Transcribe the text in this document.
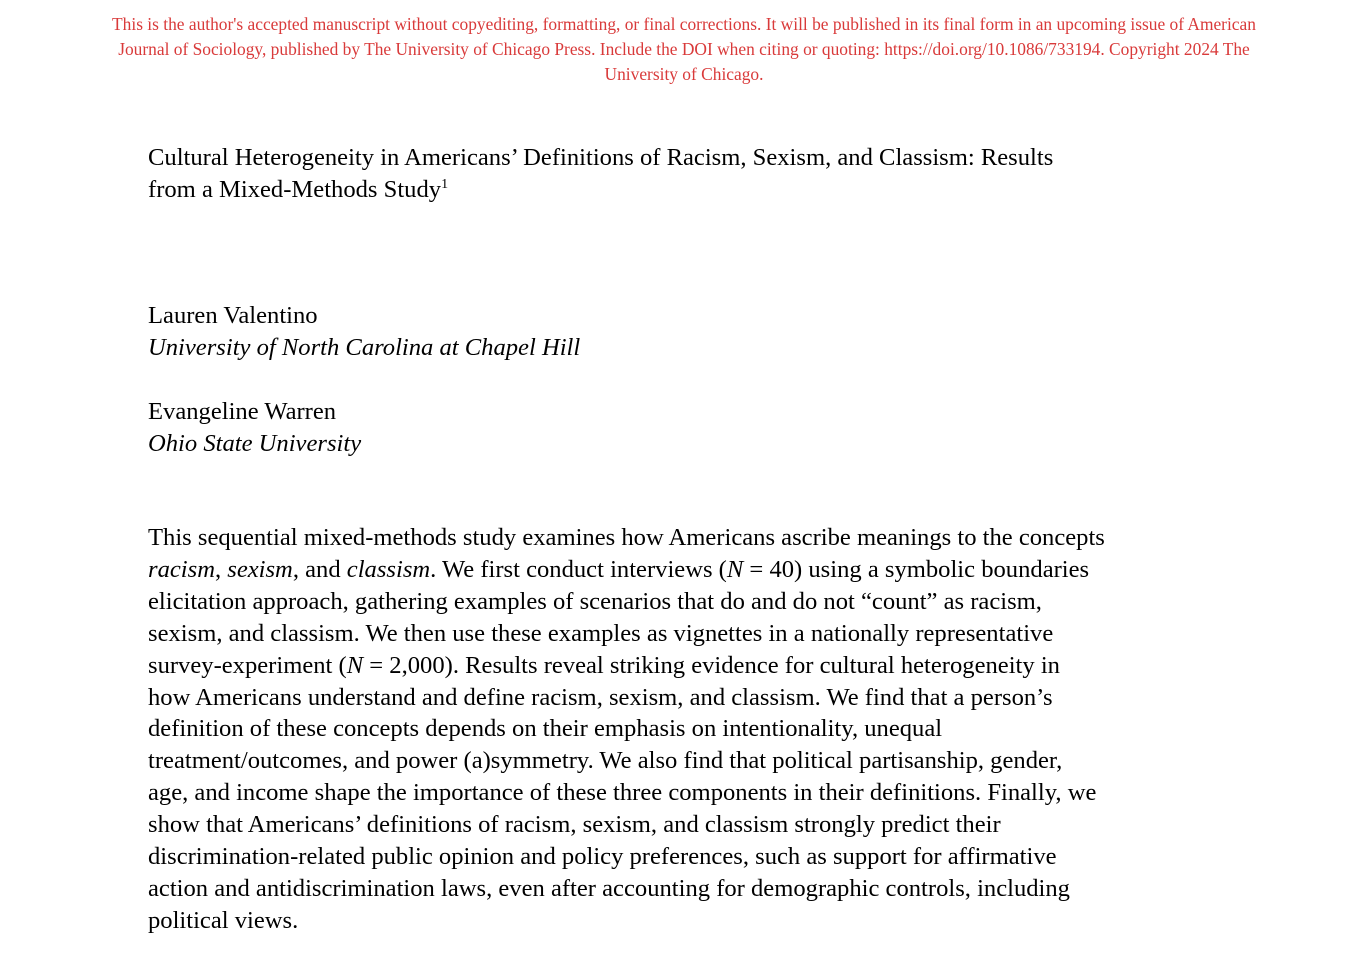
This is the author's accepted manuscript without copyediting, formatting, or final corrections. It will be published in its final form in an upcoming issue of American
Journal of Sociology, published by The University of Chicago Press. Include the DOI when citing or quoting: https://doi.org/10.1086/733194. Copyright 2024 The
University of Chicago.
Cultural Heterogeneity in Americans’ Definitions of Racism, Sexism, and Classism: Results
from a Mixed-Methods Study$^1$
Lauren Valentino
University of North Carolina at Chapel Hill
Evangeline Warren
Ohio State University
This sequential mixed-methods study examines how Americans ascribe meanings to the concepts
racism, sexism, and classism. We first conduct interviews (N = 40) using a symbolic boundaries
elicitation approach, gathering examples of scenarios that do and do not “count” as racism,
sexism, and classism. We then use these examples as vignettes in a nationally representative
survey-experiment (N = 2,000). Results reveal striking evidence for cultural heterogeneity in
how Americans understand and define racism, sexism, and classism. We find that a person’s
definition of these concepts depends on their emphasis on intentionality, unequal
treatment/outcomes, and power (a)symmetry. We also find that political partisanship, gender,
age, and income shape the importance of these three components in their definitions. Finally, we
show that Americans’ definitions of racism, sexism, and classism strongly predict their
discrimination-related public opinion and policy preferences, such as support for affirmative
action and antidiscrimination laws, even after accounting for demographic controls, including
political views.
